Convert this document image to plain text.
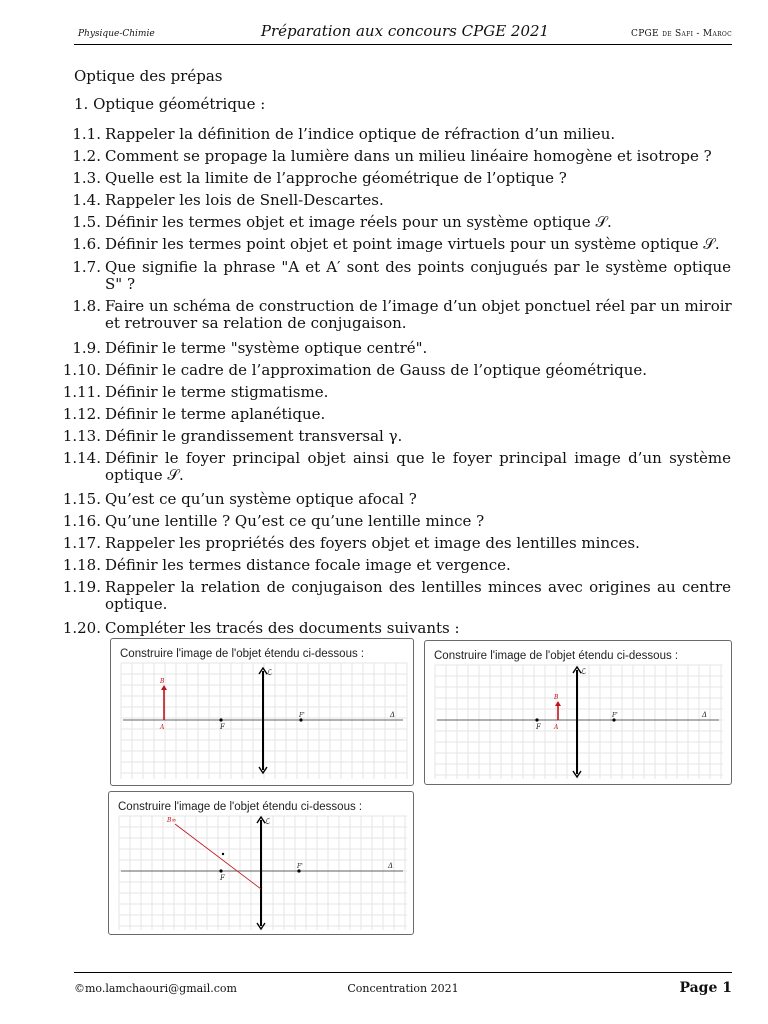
Physique-Chimie	Préparation aux concours CPGE 2021	CPGE de Safi - Maroc
Optique des prépas
1. Optique géométrique :
1.1. Rappeler la définition de l’indice optique de réfraction d’un milieu.
1.2. Comment se propage la lumière dans un milieu linéaire homogène et isotrope ?
1.3. Quelle est la limite de l’approche géométrique de l’optique ?
1.4. Rappeler les lois de Snell-Descartes.
1.5. Définir les termes objet et image réels pour un système optique 𝒮.
1.6. Définir les termes point objet et point image virtuels pour un système optique 𝒮.
1.7. Que signifie la phrase "A et A′ sont des points conjugués par le système optique
S" ?
1.8. Faire un schéma de construction de l’image d’un objet ponctuel réel par un miroir
et retrouver sa relation de conjugaison.
1.9. Définir le terme "système optique centré".
1.10. Définir le cadre de l’approximation de Gauss de l’optique géométrique.
1.11. Définir le terme stigmatisme.
1.12. Définir le terme aplanétique.
1.13. Définir le grandissement transversal γ.
1.14. Définir le foyer principal objet ainsi que le foyer principal image d’un système
optique 𝒮.
1.15. Qu’est ce qu’un système optique afocal ?
1.16. Qu’une lentille ? Qu’est ce qu’une lentille mince ?
1.17. Rappeler les propriétés des foyers objet et image des lentilles minces.
1.18. Définir les termes distance focale image et vergence.
1.19. Rappeler la relation de conjugaison des lentilles minces avec origines au centre
optique.
1.20. Compléter les tracés des documents suivants :
Construire l'image de l'objet étendu ci-dessous :
Δ
ℒ
F
F'
B
A
Construire l'image de l'objet étendu ci-dessous :
Δ
ℒ
F
F'
B
A
Construire l'image de l'objet étendu ci-dessous :
Δ
ℒ
F
F'
B∞
©mo.lamchaouri@gmail.com	Concentration 2021	Page 1
